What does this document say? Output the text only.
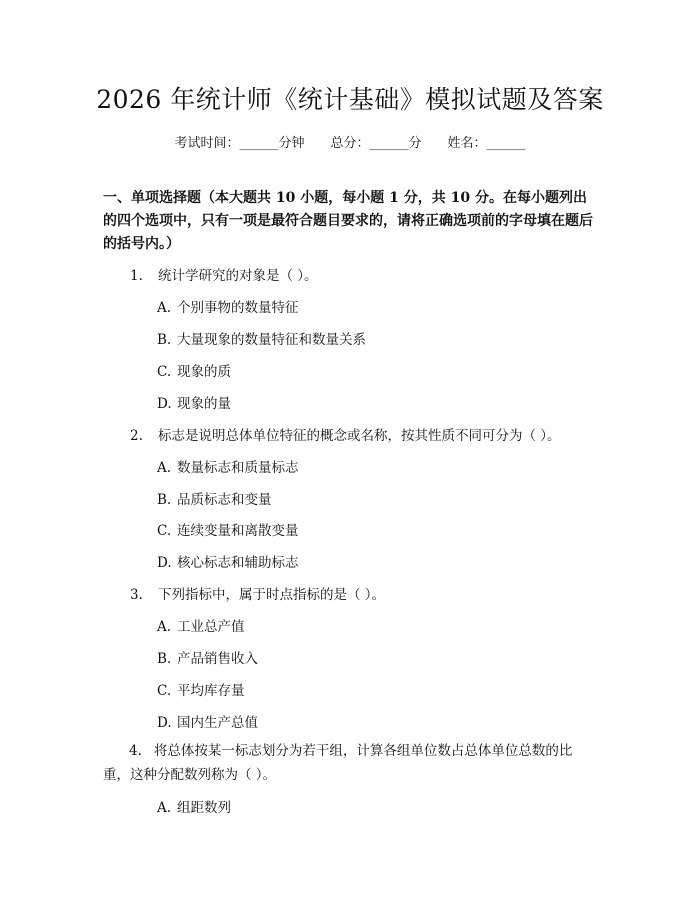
2026 年统计师《统计基础》模拟试题及答案
考试时间：______分钟 总分：______分 姓名：______
一、单项选择题（本大题共 10 小题，每小题 1 分，共 10 分。在每小题列出的四个选项中，只有一项是最符合题目要求的，请将正确选项前的字母填在题后的括号内。）
1. 统计学研究的对象是（ ）。
A. 个别事物的数量特征
B. 大量现象的数量特征和数量关系
C. 现象的质
D. 现象的量
2. 标志是说明总体单位特征的概念或名称，按其性质不同可分为（ ）。
A. 数量标志和质量标志
B. 品质标志和变量
C. 连续变量和离散变量
D. 核心标志和辅助标志
3. 下列指标中，属于时点指标的是（ ）。
A. 工业总产值
B. 产品销售收入
C. 平均库存量
D. 国内生产总值
4. 将总体按某一标志划分为若干组，计算各组单位数占总体单位总数的比重，这种分配数列称为（ ）。
A. 组距数列
